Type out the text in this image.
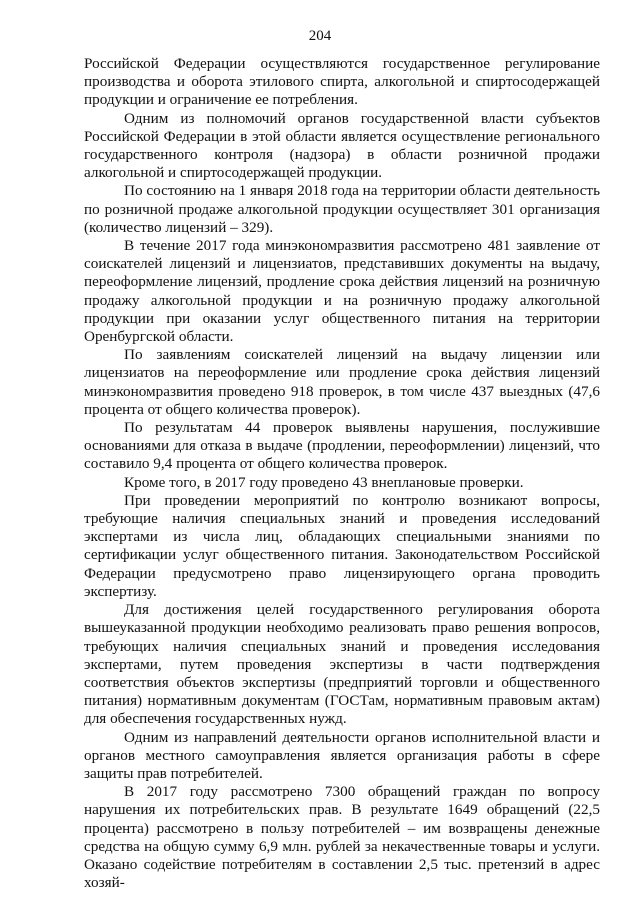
204

Российской Федерации осуществляются государственное регулирование производства и оборота этилового спирта, алкогольной и спиртосодержащей продукции и ограничение ее потребления.

Одним из полномочий органов государственной власти субъектов Российской Федерации в этой области является осуществление регионального государственного контроля (надзора) в области розничной продажи алкогольной и спиртосодержащей продукции.

По состоянию на 1 января 2018 года на территории области деятельность по розничной продаже алкогольной продукции осуществляет 301 организация (количество лицензий – 329).

В течение 2017 года минэкономразвития рассмотрено 481 заявление от соискателей лицензий и лицензиатов, представивших документы на выдачу, переоформление лицензий, продление срока действия лицензий на розничную продажу алкогольной продукции и на розничную продажу алкогольной продукции при оказании услуг общественного питания на территории Оренбургской области.

По заявлениям соискателей лицензий на выдачу лицензии или лицензиатов на переоформление или продление срока действия лицензий минэкономразвития проведено 918 проверок, в том числе 437 выездных (47,6 процента от общего количества проверок).

По результатам 44 проверок выявлены нарушения, послужившие основаниями для отказа в выдаче (продлении, переоформлении) лицензий, что составило 9,4 процента от общего количества проверок.

Кроме того, в 2017 году проведено 43 внеплановые проверки.

При проведении мероприятий по контролю возникают вопросы, требующие наличия специальных знаний и проведения исследований экспертами из числа лиц, обладающих специальными знаниями по сертификации услуг общественного питания. Законодательством Российской Федерации предусмотрено право лицензирующего органа проводить экспертизу.

Для достижения целей государственного регулирования оборота вышеуказанной продукции необходимо реализовать право решения вопросов, требующих наличия специальных знаний и проведения исследования экспертами, путем проведения экспертизы в части подтверждения соответствия объектов экспертизы (предприятий торговли и общественного питания) нормативным документам (ГОСТам, нормативным правовым актам) для обеспечения государственных нужд.

Одним из направлений деятельности органов исполнительной власти и органов местного самоуправления является организация работы в сфере защиты прав потребителей.

В 2017 году рассмотрено 7300 обращений граждан по вопросу нарушения их потребительских прав. В результате 1649 обращений (22,5 процента) рассмотрено в пользу потребителей – им возвращены денежные средства на общую сумму 6,9 млн. рублей за некачественные товары и услуги. Оказано содействие потребителям в составлении 2,5 тыс. претензий в адрес хозяй-
